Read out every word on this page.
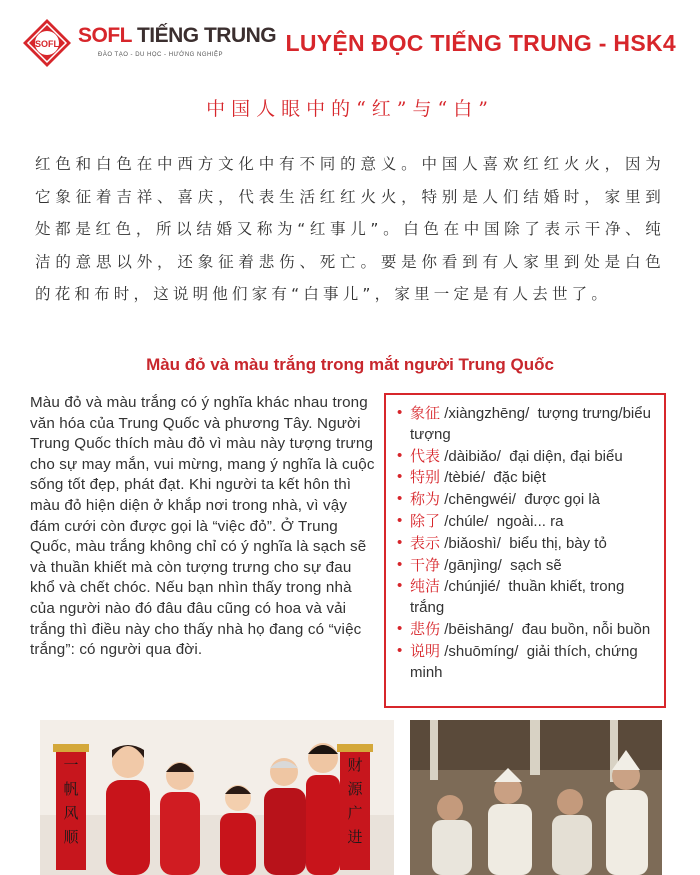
SOFL SOFL TIẾNG TRUNG
ĐÀO TẠO - DU HỌC - HƯỚNG NGHIỆP	LUYỆN ĐỌC TIẾNG TRUNG - HSK4
中国人眼中的“红”与“白”
红色和白色在中西方文化中有不同的意义。中国人喜欢红红火火，因为它象征着吉祥、喜庆，代表生活红红火火，特别是人们结婚时，家里到处都是红色，所以结婚又称为“红事儿”。白色在中国除了表示干净、纯洁的意思以外，还象征着悲伤、死亡。要是你看到有人家里到处是白色的花和布时，这说明他们家有“白事儿”，家里一定是有人去世了。
Màu đỏ và màu trắng trong mắt người Trung Quốc
Màu đỏ và màu trắng có ý nghĩa khác nhau trong văn hóa của Trung Quốc và phương Tây. Người Trung Quốc thích màu đỏ vì màu này tượng trưng cho sự may mắn, vui mừng, mang ý nghĩa là cuộc sống tốt đẹp, phát đạt. Khi người ta kết hôn thì màu đỏ hiện diện ở khắp nơi trong nhà, vì vậy đám cưới còn được gọi là “việc đỏ”. Ở Trung Quốc, màu trắng không chỉ có ý nghĩa là sạch sẽ và thuần khiết mà còn tượng trưng cho sự đau khổ và chết chóc. Nếu bạn nhìn thấy trong nhà của người nào đó đâu đâu cũng có hoa và vải trắng thì điều này cho thấy nhà họ đang có “việc trắng”: có người qua đời.
• 象征 /xiàngzhēng/ tượng trưng/biểu tượng
• 代表 /dàibiǎo/ đại diện, đại biểu
• 特别 /tèbié/ đặc biệt
• 称为 /chēngwéi/ được gọi là
• 除了 /chúle/ ngoài... ra
• 表示 /biǎoshì/ biểu thị, bày tỏ
• 干净 /gānjìng/ sạch sẽ
• 纯洁 /chúnjié/ thuần khiết, trong trắng
• 悲伤 /bēishāng/ đau buồn, nỗi buồn
• 说明 /shuōmíng/ giải thích, chứng minh
一
帆
风
顺
财
源
广
进
